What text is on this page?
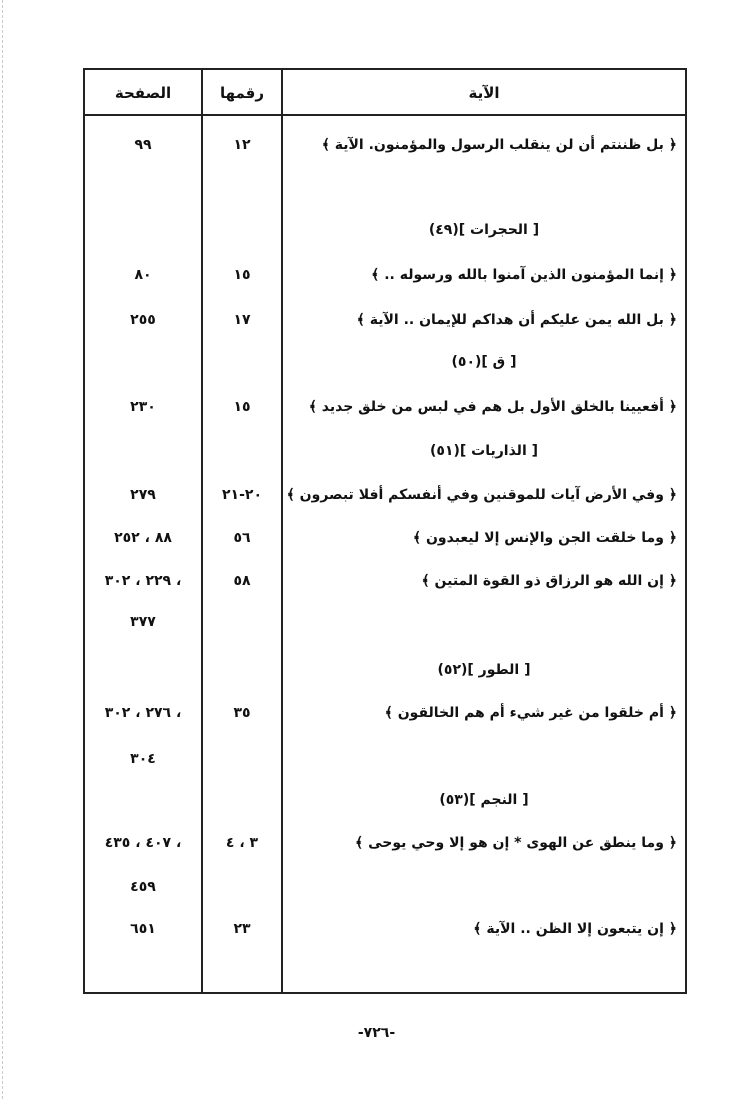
الصفحة	رقمها	الآية
﴿ بل ظننتم أن لن ينقلب الرسول والمؤمنون. الآية ﴾
١٢
٩٩
[ الحجرات ](٤٩)
﴿ إنما المؤمنون الذين آمنوا بالله ورسوله .. ﴾
١٥
٨٠
﴿ بل الله يمن عليكم أن هداكم للإيمان .. الآية ﴾
١٧
٢٥٥
[ ق ](٥٠)
﴿ أفعيينا بالخلق الأول بل هم في لبس من خلق جديد ﴾
١٥
٢٣٠
[ الذاريات ](٥١)
﴿ وفي الأرض آيات للموقنين وفي أنفسكم أفلا تبصرون ﴾
٢٠-٢١
٢٧٩
﴿ وما خلقت الجن والإنس إلا ليعبدون ﴾
٥٦
٨٨ ، ٢٥٢
﴿ إن الله هو الرزاق ذو القوة المتين ﴾
٥٨
٢٢٩ ، ٣٠٢ ،
٣٧٧
[ الطور ](٥٢)
﴿ أم خلقوا من غير شيء أم هم الخالقون ﴾
٣٥
٢٧٦ ، ٣٠٢ ،
٣٠٤
[ النجم ](٥٣)
﴿ وما ينطق عن الهوى * إن هو إلا وحي يوحى ﴾
٣ ، ٤
٤٠٧ ، ٤٣٥ ،
٤٥٩
﴿ إن يتبعون إلا الظن .. الآية ﴾
٢٣
٦٥١
-٧٢٦-
